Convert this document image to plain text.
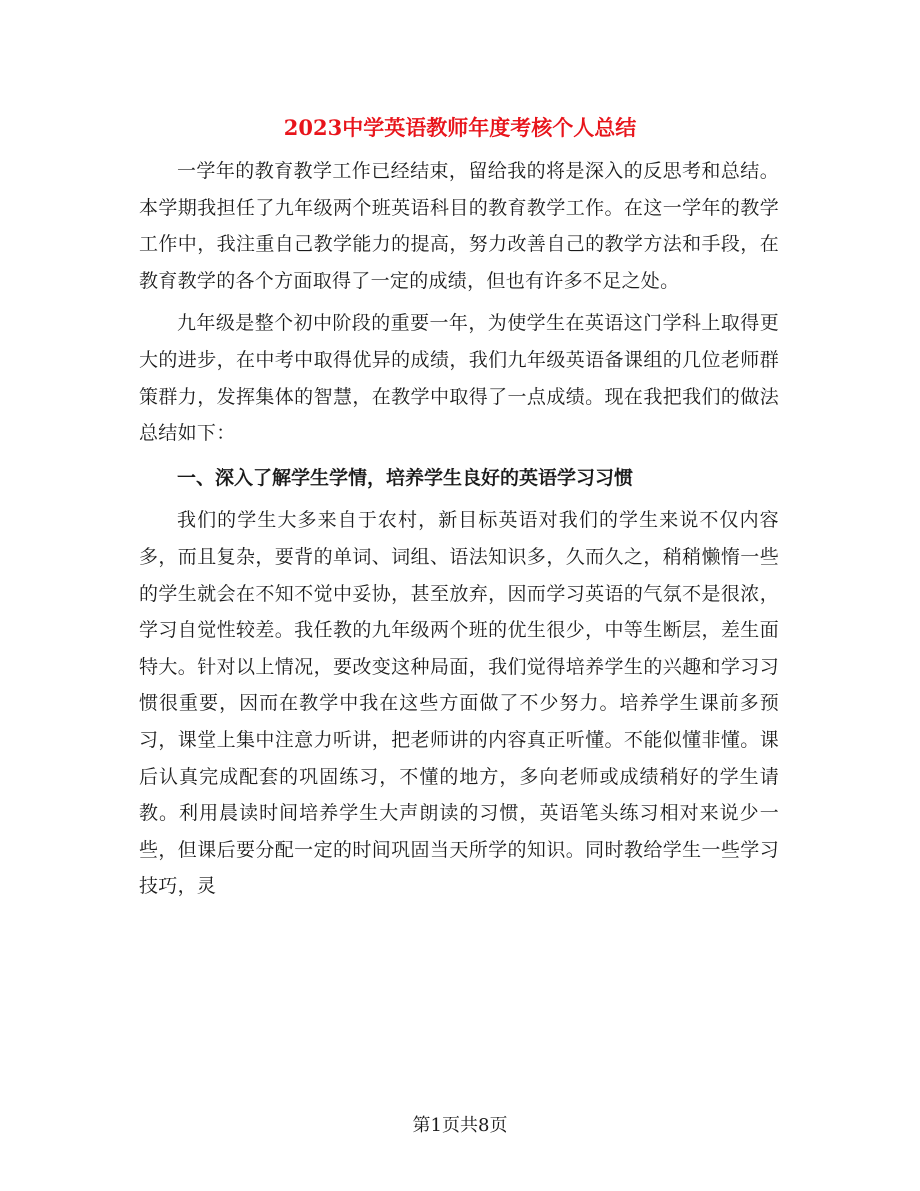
2023中学英语教师年度考核个人总结

一学年的教育教学工作已经结束，留给我的将是深入的反思考和总结。本学期我担任了九年级两个班英语科目的教育教学工作。在这一学年的教学工作中，我注重自己教学能力的提高，努力改善自己的教学方法和手段，在教育教学的各个方面取得了一定的成绩，但也有许多不足之处。

九年级是整个初中阶段的重要一年，为使学生在英语这门学科上取得更大的进步，在中考中取得优异的成绩，我们九年级英语备课组的几位老师群策群力，发挥集体的智慧，在教学中取得了一点成绩。现在我把我们的做法总结如下：

一、深入了解学生学情，培养学生良好的英语学习习惯

我们的学生大多来自于农村，新目标英语对我们的学生来说不仅内容多，而且复杂，要背的单词、词组、语法知识多，久而久之，稍稍懒惰一些的学生就会在不知不觉中妥协，甚至放弃，因而学习英语的气氛不是很浓，学习自觉性较差。我任教的九年级两个班的优生很少，中等生断层，差生面特大。针对以上情况，要改变这种局面，我们觉得培养学生的兴趣和学习习惯很重要，因而在教学中我在这些方面做了不少努力。培养学生课前多预习，课堂上集中注意力听讲，把老师讲的内容真正听懂。不能似懂非懂。课后认真完成配套的巩固练习，不懂的地方，多向老师或成绩稍好的学生请教。利用晨读时间培养学生大声朗读的习惯，英语笔头练习相对来说少一些，但课后要分配一定的时间巩固当天所学的知识。同时教给学生一些学习技巧，灵

第1页共8页
